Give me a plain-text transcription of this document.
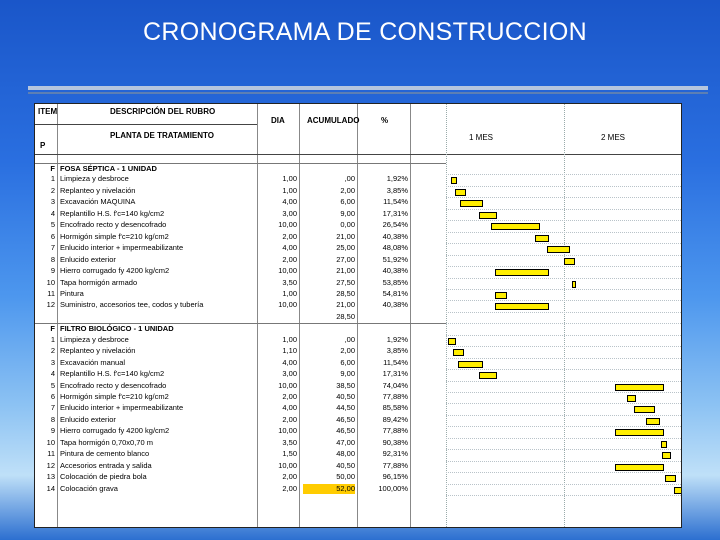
CRONOGRAMA DE CONSTRUCCION
ITEM	DESCRIPCIÓN DEL RUBRO
DIA	ACUMULADO	%
P
PLANTA DE TRATAMIENTO	1 MES	2 MES
F FOSA SÉPTICA - 1 UNIDAD
1 Limpieza y desbroce	1,00	,00	1,92%
2 Replanteo y nivelación	1,00	2,00	3,85%
3 Excavación MAQUINA	4,00	6,00	11,54%
4 Replantillo H.S. f'c=140 kg/cm2	3,00	9,00	17,31%
5 Encofrado recto y desencofrado	10,00	0,00	26,54%
6 Hormigón simple f'c=210 kg/cm2	2,00	21,00	40,38%
7 Enlucido interior + impermeabilizante	4,00	25,00	48,08%
8 Enlucido exterior	2,00	27,00	51,92%
9 Hierro corrugado fy 4200 kg/cm2	10,00	21,00	40,38%
10 Tapa hormigón armado	3,50	27,50	53,85%
11 Pintura	1,00	28,50	54,81%
12 Suministro, accesorios tee, codos y tubería	10,00	21,00	40,38%
28,50
F FILTRO BIOLÓGICO - 1 UNIDAD
1 Limpieza y desbroce	1,00	,00	1,92%
2 Replanteo y nivelación	1,10	2,00	3,85%
3 Excavación manual	4,00	6,00	11,54%
4 Replantillo H.S. f'c=140 kg/cm2	3,00	9,00	17,31%
5 Encofrado recto y desencofrado	10,00	38,50	74,04%
6 Hormigón simple f'c=210 kg/cm2	2,00	40,50	77,88%
7 Enlucido interior + impermeabilizante	4,00	44,50	85,58%
8 Enlucido exterior	2,00	46,50	89,42%
9 Hierro corrugado fy 4200 kg/cm2	10,00	46,50	77,88%
10 Tapa hormigón 0,70x0,70 m	3,50	47,00	90,38%
11 Pintura de cemento blanco	1,50	48,00	92,31%
12 Accesorios entrada y salida	10,00	40,50	77,88%
13 Colocación de piedra bola	2,00	50,00	96,15%
14 Colocación grava	2,00	52,00	100,00%
